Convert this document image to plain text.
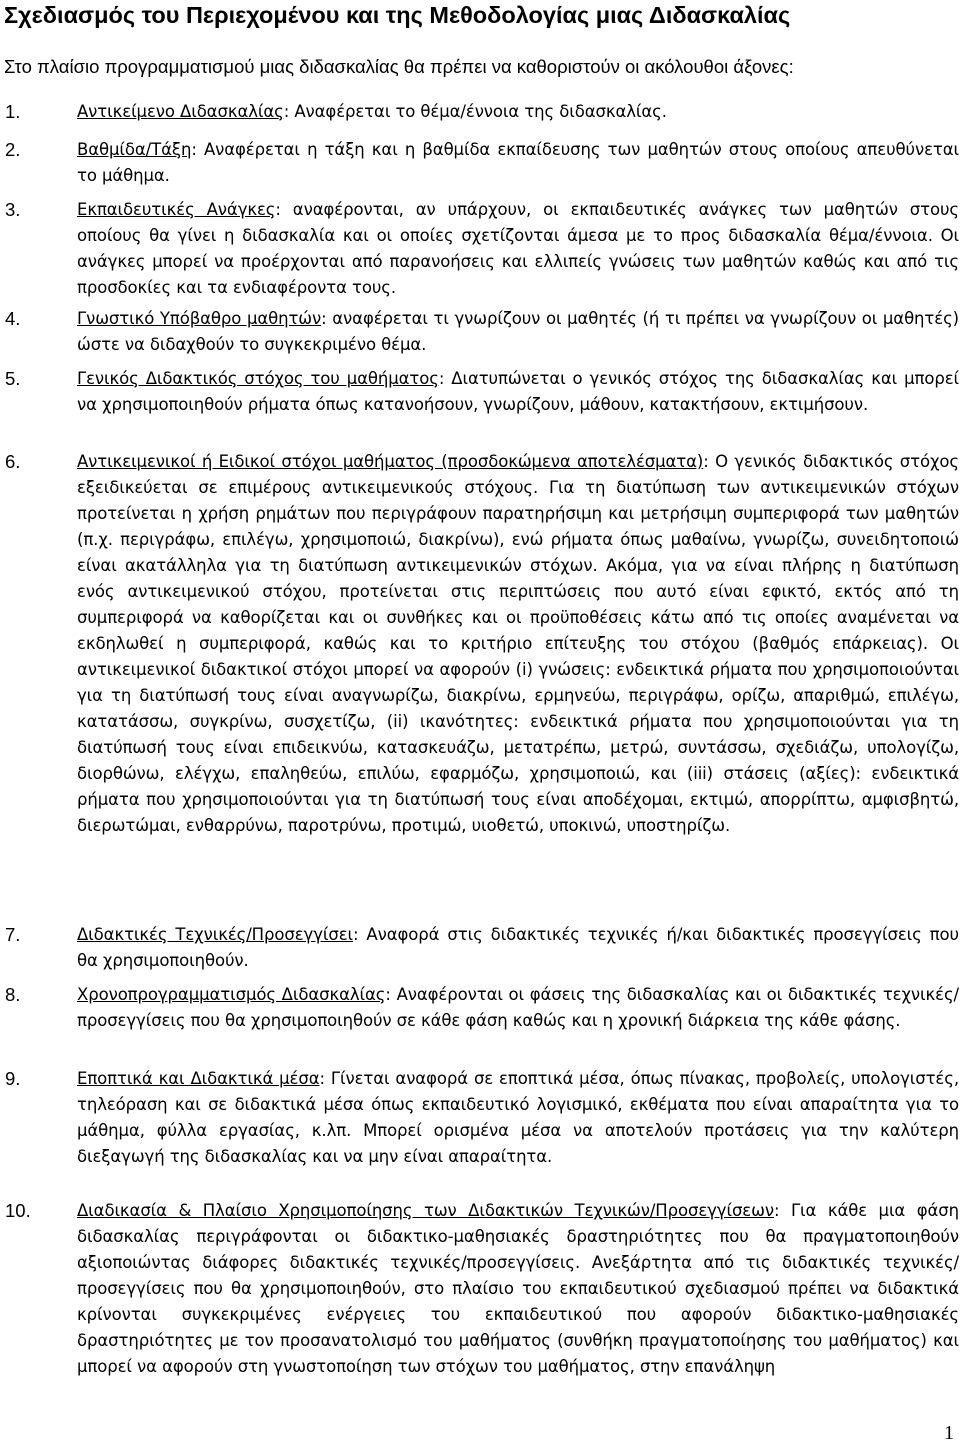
Σχεδιασμός του Περιεχομένου και της Μεθοδολογίας μιας Διδασκαλίας

Στο πλαίσιο προγραμματισμού μιας διδασκαλίας θα πρέπει να καθοριστούν οι ακόλουθοι άξονες:

1.	Αντικείμενο Διδασκαλίας: Αναφέρεται το θέμα/έννοια της διδασκαλίας.

2.	Βαθμίδα/Τάξη: Αναφέρεται η τάξη και η βαθμίδα εκπαίδευσης των μαθητών στους οποίους απευθύνεται το μάθημα.

3.	Εκπαιδευτικές Ανάγκες: αναφέρονται, αν υπάρχουν, οι εκπαιδευτικές ανάγκες των μαθητών στους οποίους θα γίνει η διδασκαλία και οι οποίες σχετίζονται άμεσα με το προς διδασκαλία θέμα/έννοια. Οι ανάγκες μπορεί να προέρχονται από παρανοήσεις και ελλιπείς γνώσεις των μαθητών καθώς και από τις προσδοκίες και τα ενδιαφέροντα τους.

4.	Γνωστικό Υπόβαθρο μαθητών: αναφέρεται τι γνωρίζουν οι μαθητές (ή τι πρέπει να γνωρίζουν οι μαθητές) ώστε να διδαχθούν το συγκεκριμένο θέμα.

5.	Γενικός Διδακτικός στόχος του μαθήματος: Διατυπώνεται ο γενικός στόχος της διδασκαλίας και μπορεί να χρησιμοποιηθούν ρήματα όπως κατανοήσουν, γνωρίζουν, μάθουν, κατακτήσουν, εκτιμήσουν.

6.	Αντικειμενικοί ή Ειδικοί στόχοι μαθήματος (προσδοκώμενα αποτελέσματα): Ο γενικός διδακτικός στόχος εξειδικεύεται σε επιμέρους αντικειμενικούς στόχους. Για τη διατύπωση των αντικειμενικών στόχων προτείνεται η χρήση ρημάτων που περιγράφουν παρατηρήσιμη και μετρήσιμη συμπεριφορά των μαθητών (π.χ. περιγράφω, επιλέγω, χρησιμοποιώ, διακρίνω), ενώ ρήματα όπως μαθαίνω, γνωρίζω, συνειδητοποιώ είναι ακατάλληλα για τη διατύπωση αντικειμενικών στόχων. Ακόμα, για να είναι πλήρης η διατύπωση ενός αντικειμενικού στόχου, προτείνεται στις περιπτώσεις που αυτό είναι εφικτό, εκτός από τη συμπεριφορά να καθορίζεται και οι συνθήκες και οι προϋποθέσεις κάτω από τις οποίες αναμένεται να εκδηλωθεί η συμπεριφορά, καθώς και το κριτήριο επίτευξης του στόχου (βαθμός επάρκειας). Οι αντικειμενικοί διδακτικοί στόχοι μπορεί να αφορούν (i) γνώσεις: ενδεικτικά ρήματα που χρησιμοποιούνται για τη διατύπωσή τους είναι αναγνωρίζω, διακρίνω, ερμηνεύω, περιγράφω, ορίζω, απαριθμώ, επιλέγω, κατατάσσω, συγκρίνω, συσχετίζω, (ii) ικανότητες: ενδεικτικά ρήματα που χρησιμοποιούνται για τη διατύπωσή τους είναι επιδεικνύω, κατασκευάζω, μετατρέπω, μετρώ, συντάσσω, σχεδιάζω, υπολογίζω, διορθώνω, ελέγχω, επαληθεύω, επιλύω, εφαρμόζω, χρησιμοποιώ, και (iii) στάσεις (αξίες): ενδεικτικά ρήματα που χρησιμοποιούνται για τη διατύπωσή τους είναι αποδέχομαι, εκτιμώ, απορρίπτω, αμφισβητώ, διερωτώμαι, ενθαρρύνω, παροτρύνω, προτιμώ, υιοθετώ, υποκινώ, υποστηρίζω.

7.	Διδακτικές Τεχνικές/Προσεγγίσει: Αναφορά στις διδακτικές τεχνικές ή/και διδακτικές προσεγγίσεις που θα χρησιμοποιηθούν.

8.	Χρονοπρογραμματισμός Διδασκαλίας: Αναφέρονται οι φάσεις της διδασκαλίας και οι διδακτικές τεχνικές/προσεγγίσεις που θα χρησιμοποιηθούν σε κάθε φάση καθώς και η χρονική διάρκεια της κάθε φάσης.

9.	Εποπτικά και Διδακτικά μέσα: Γίνεται αναφορά σε εποπτικά μέσα, όπως πίνακας, προβολείς, υπολογιστές, τηλεόραση και σε διδακτικά μέσα όπως εκπαιδευτικό λογισμικό, εκθέματα που είναι απαραίτητα για το μάθημα, φύλλα εργασίας, κ.λπ. Μπορεί ορισμένα μέσα να αποτελούν προτάσεις για την καλύτερη διεξαγωγή της διδασκαλίας και να μην είναι απαραίτητα.

10.	Διαδικασία & Πλαίσιο Χρησιμοποίησης των Διδακτικών Τεχνικών/Προσεγγίσεων: Για κάθε μια φάση διδασκαλίας περιγράφονται οι διδακτικο-μαθησιακές δραστηριότητες που θα πραγματοποιηθούν αξιοποιώντας διάφορες διδακτικές τεχνικές/προσεγγίσεις. Ανεξάρτητα από τις διδακτικές τεχνικές/προσεγγίσεις που θα χρησιμοποιηθούν, στο πλαίσιο του εκπαιδευτικού σχεδιασμού πρέπει να διδακτικά κρίνονται συγκεκριμένες ενέργειες του εκπαιδευτικού που αφορούν διδακτικο-μαθησιακές δραστηριότητες με τον προσανατολισμό του μαθήματος (συνθήκη πραγματοποίησης του μαθήματος) και μπορεί να αφορούν στη γνωστοποίηση των στόχων του μαθήματος, στην επανάληψη

1
